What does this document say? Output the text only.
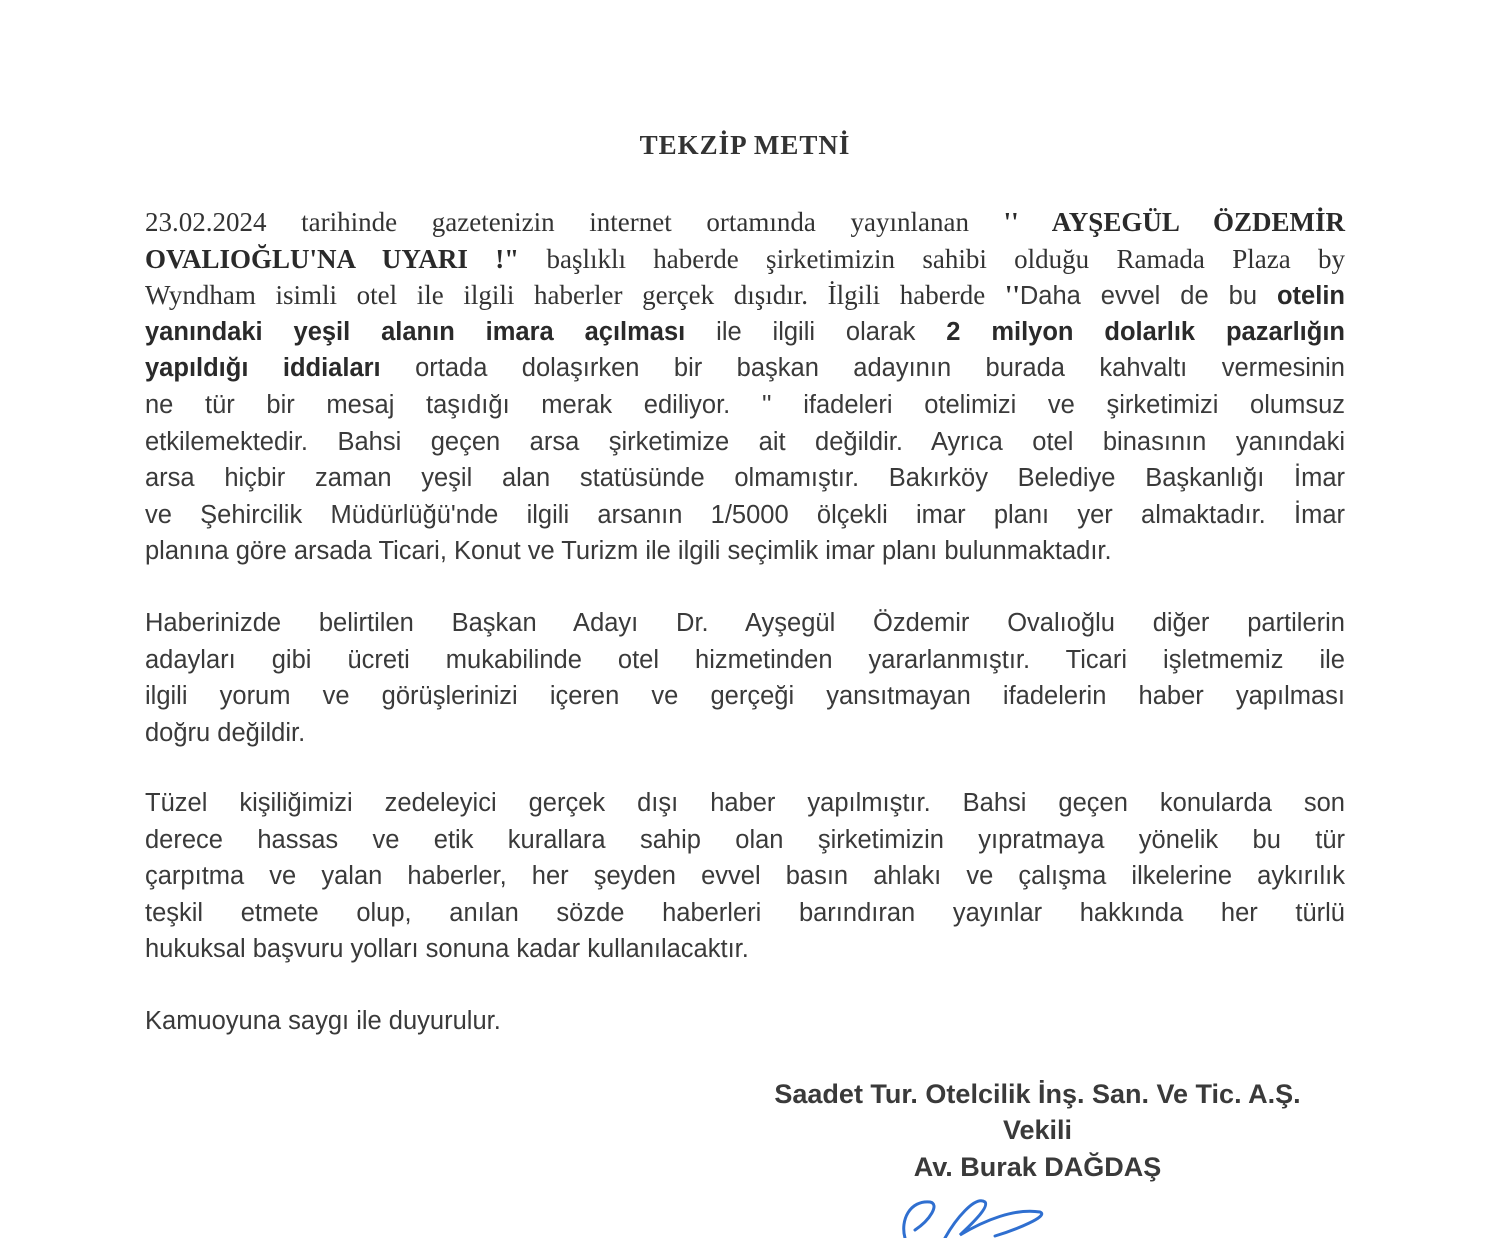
TEKZİP METNİ
23.02.2024 tarihinde gazetenizin internet ortamında yayınlanan '' AYŞEGÜL ÖZDEMİR
OVALIOĞLU'NA UYARI !" başlıklı haberde şirketimizin sahibi olduğu Ramada Plaza by
Wyndham isimli otel ile ilgili haberler gerçek dışıdır. İlgili haberde ''Daha evvel de bu otelin
yanındaki yeşil alanın imara açılması ile ilgili olarak 2 milyon dolarlık pazarlığın
yapıldığı iddiaları ortada dolaşırken bir başkan adayının burada kahvaltı vermesinin
ne tür bir mesaj taşıdığı merak ediliyor. '' ifadeleri otelimizi ve şirketimizi olumsuz
etkilemektedir. Bahsi geçen arsa şirketimize ait değildir. Ayrıca otel binasının yanındaki
arsa hiçbir zaman yeşil alan statüsünde olmamıştır. Bakırköy Belediye Başkanlığı İmar
ve Şehircilik Müdürlüğü'nde ilgili arsanın 1/5000 ölçekli imar planı yer almaktadır. İmar
planına göre arsada Ticari, Konut ve Turizm ile ilgili seçimlik imar planı bulunmaktadır.
Haberinizde belirtilen Başkan Adayı Dr. Ayşegül Özdemir Ovalıoğlu diğer partilerin
adayları gibi ücreti mukabilinde otel hizmetinden yararlanmıştır. Ticari işletmemiz ile
ilgili yorum ve görüşlerinizi içeren ve gerçeği yansıtmayan ifadelerin haber yapılması
doğru değildir.
Tüzel kişiliğimizi zedeleyici gerçek dışı haber yapılmıştır. Bahsi geçen konularda son
derece hassas ve etik kurallara sahip olan şirketimizin yıpratmaya yönelik bu tür
çarpıtma ve yalan haberler, her şeyden evvel basın ahlakı ve çalışma ilkelerine aykırılık
teşkil etmete olup, anılan sözde haberleri barındıran yayınlar hakkında her türlü
hukuksal başvuru yolları sonuna kadar kullanılacaktır.
Kamuoyuna saygı ile duyurulur.
Saadet Tur. Otelcilik İnş. San. Ve Tic. A.Ş.
Vekili
Av. Burak DAĞDAŞ
